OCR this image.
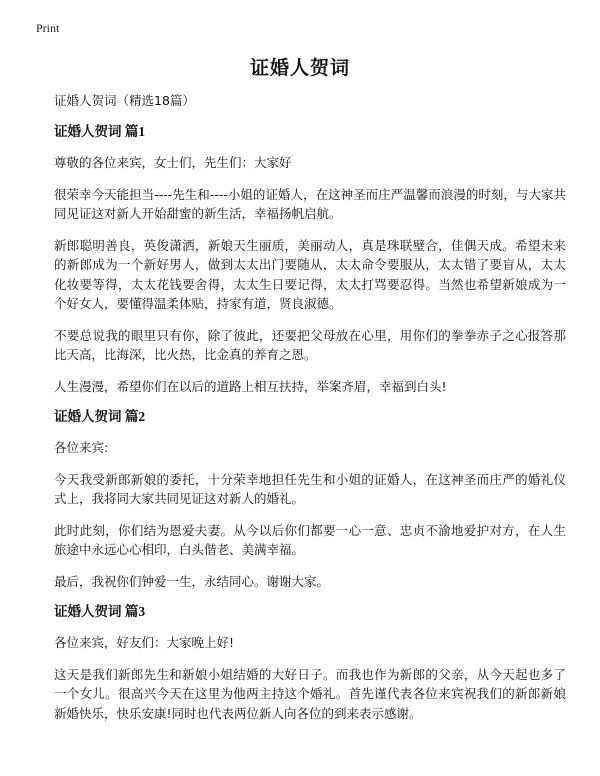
Print
证婚人贺词

证婚人贺词（精选18篇）

证婚人贺词 篇1

尊敬的各位来宾，女士们，先生们：大家好

很荣幸今天能担当----先生和----小姐的证婚人，在这神圣而庄严温馨而浪漫的时刻，与大家共同见证这对新人开始甜蜜的新生活，幸福扬帆启航。

新郎聪明善良，英俊潇洒，新娘天生丽质，美丽动人，真是珠联璧合，佳偶天成。希望未来的新郎成为一个新好男人，做到太太出门要随从，太太命令要服从，太太错了要盲从，太太化妆要等得，太太花钱要舍得，太太生日要记得，太太打骂要忍得。当然也希望新娘成为一个好女人，要懂得温柔体贴，持家有道，贤良淑德。

不要总说我的眼里只有你，除了彼此，还要把父母放在心里，用你们的拳拳赤子之心报答那比天高，比海深，比火热，比金真的养育之恩。

人生漫漫，希望你们在以后的道路上相互扶持，举案齐眉，幸福到白头!

证婚人贺词 篇2

各位来宾:

今天我受新郎新娘的委托，十分荣幸地担任先生和小姐的证婚人，在这神圣而庄严的婚礼仪式上，我将同大家共同见证这对新人的婚礼。

此时此刻，你们结为恩爱夫妻。从今以后你们都要一心一意、忠贞不渝地爱护对方，在人生旅途中永远心心相印，白头偕老、美满幸福。

最后，我祝你们钟爱一生，永结同心。谢谢大家。

证婚人贺词 篇3

各位来宾，好友们：大家晚上好!

这天是我们新郎先生和新娘小姐结婚的大好日子。而我也作为新郎的父亲，从今天起也多了一个女儿。很高兴今天在这里为他两主持这个婚礼。首先谨代表各位来宾祝我们的新郎新娘新婚快乐，快乐安康!同时也代表两位新人向各位的到来表示感谢。
